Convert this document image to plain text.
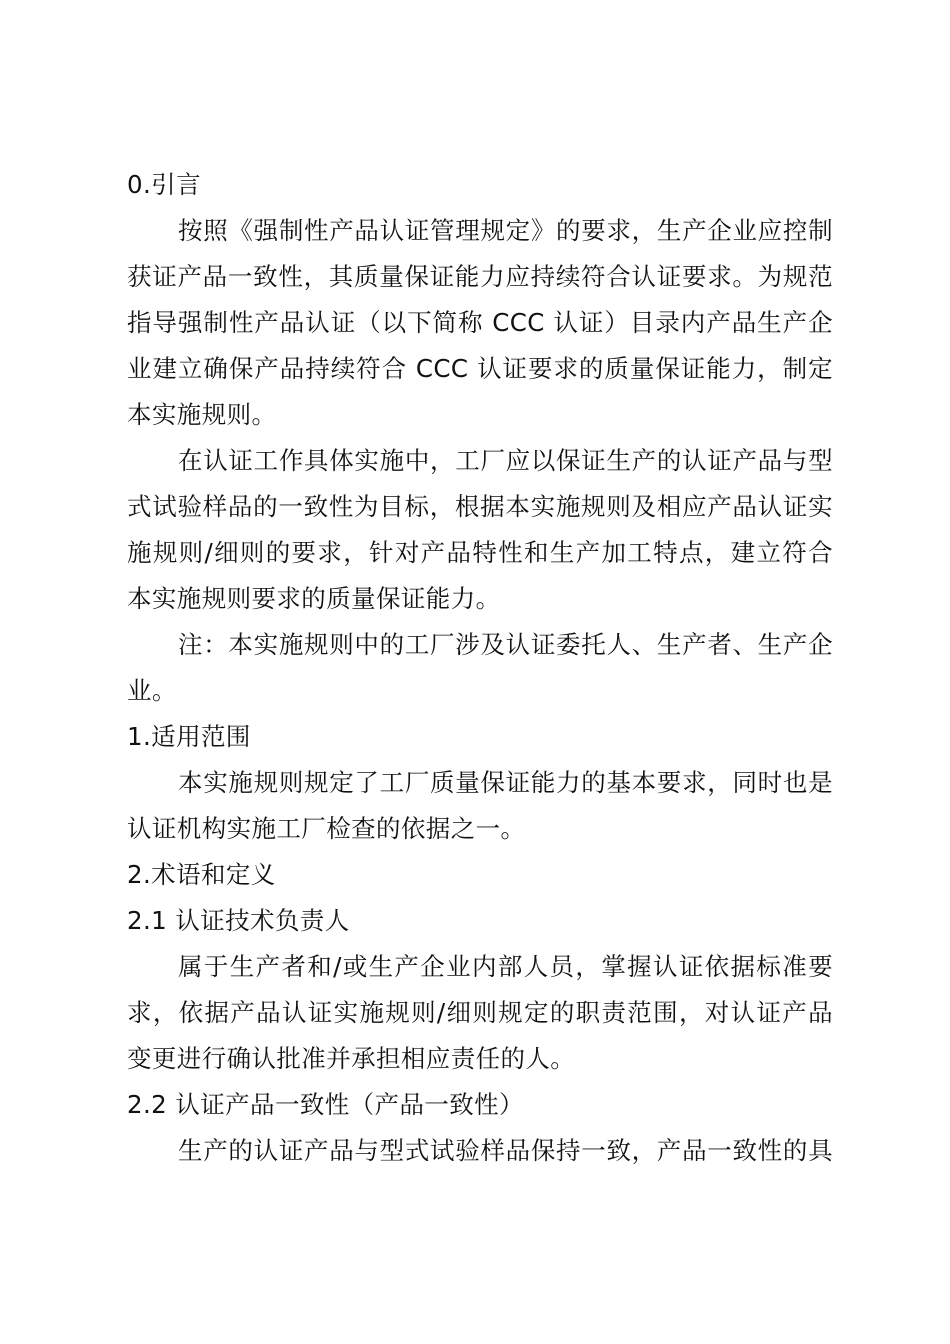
0.引言
按照《强制性产品认证管理规定》的要求，生产企业应控制
获证产品一致性，其质量保证能力应持续符合认证要求。为规范
指导强制性产品认证（以下简称 CCC 认证）目录内产品生产企
业建立确保产品持续符合 CCC 认证要求的质量保证能力，制定
本实施规则。
在认证工作具体实施中，工厂应以保证生产的认证产品与型
式试验样品的一致性为目标，根据本实施规则及相应产品认证实
施规则/细则的要求，针对产品特性和生产加工特点，建立符合
本实施规则要求的质量保证能力。
注：本实施规则中的工厂涉及认证委托人、生产者、生产企
业。
1.适用范围
本实施规则规定了工厂质量保证能力的基本要求，同时也是
认证机构实施工厂检查的依据之一。
2.术语和定义
2.1 认证技术负责人
属于生产者和/或生产企业内部人员，掌握认证依据标准要
求，依据产品认证实施规则/细则规定的职责范围，对认证产品
变更进行确认批准并承担相应责任的人。
2.2 认证产品一致性（产品一致性）
生产的认证产品与型式试验样品保持一致，产品一致性的具
